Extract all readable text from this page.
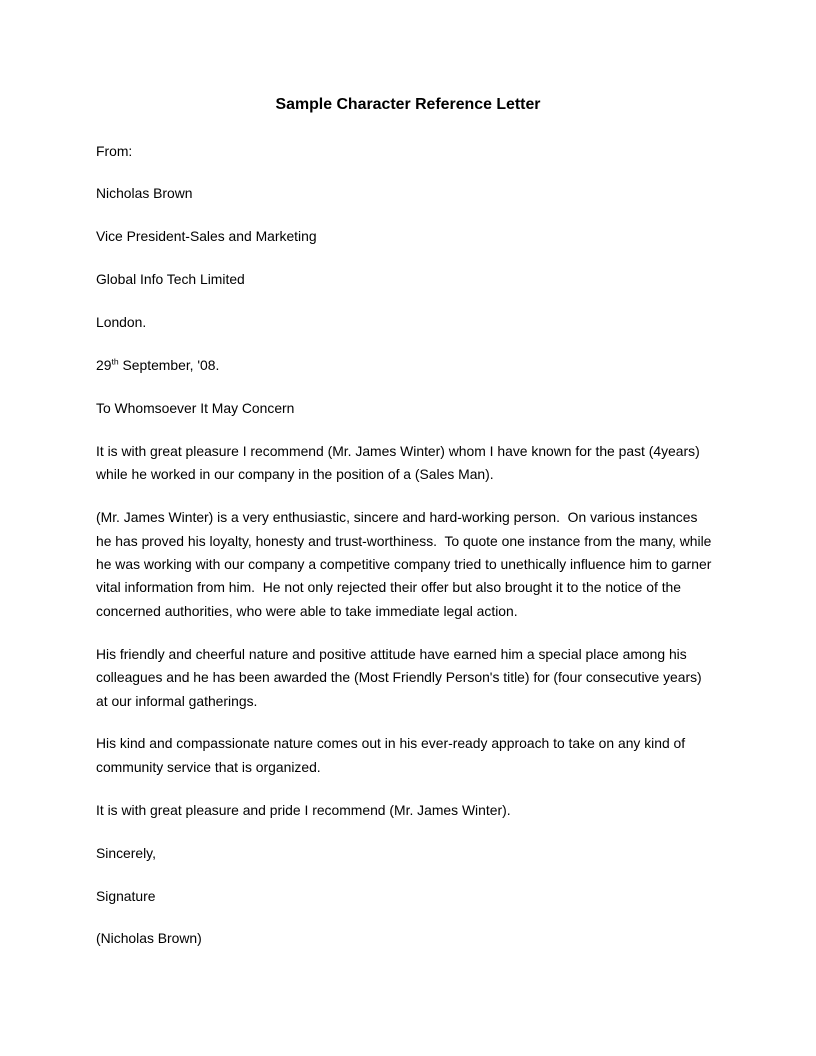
Sample Character Reference Letter
From:
Nicholas Brown
Vice President-Sales and Marketing
Global Info Tech Limited
London.
29th September, '08.
To Whomsoever It May Concern
It is with great pleasure I recommend (Mr. James Winter) whom I have known for the past (4years)
while he worked in our company in the position of a (Sales Man).
(Mr. James Winter) is a very enthusiastic, sincere and hard-working person.  On various instances
he has proved his loyalty, honesty and trust-worthiness.  To quote one instance from the many, while
he was working with our company a competitive company tried to unethically influence him to garner
vital information from him.  He not only rejected their offer but also brought it to the notice of the
concerned authorities, who were able to take immediate legal action.
His friendly and cheerful nature and positive attitude have earned him a special place among his
colleagues and he has been awarded the (Most Friendly Person's title) for (four consecutive years)
at our informal gatherings.
His kind and compassionate nature comes out in his ever-ready approach to take on any kind of
community service that is organized.
It is with great pleasure and pride I recommend (Mr. James Winter).
Sincerely,
Signature
(Nicholas Brown)
